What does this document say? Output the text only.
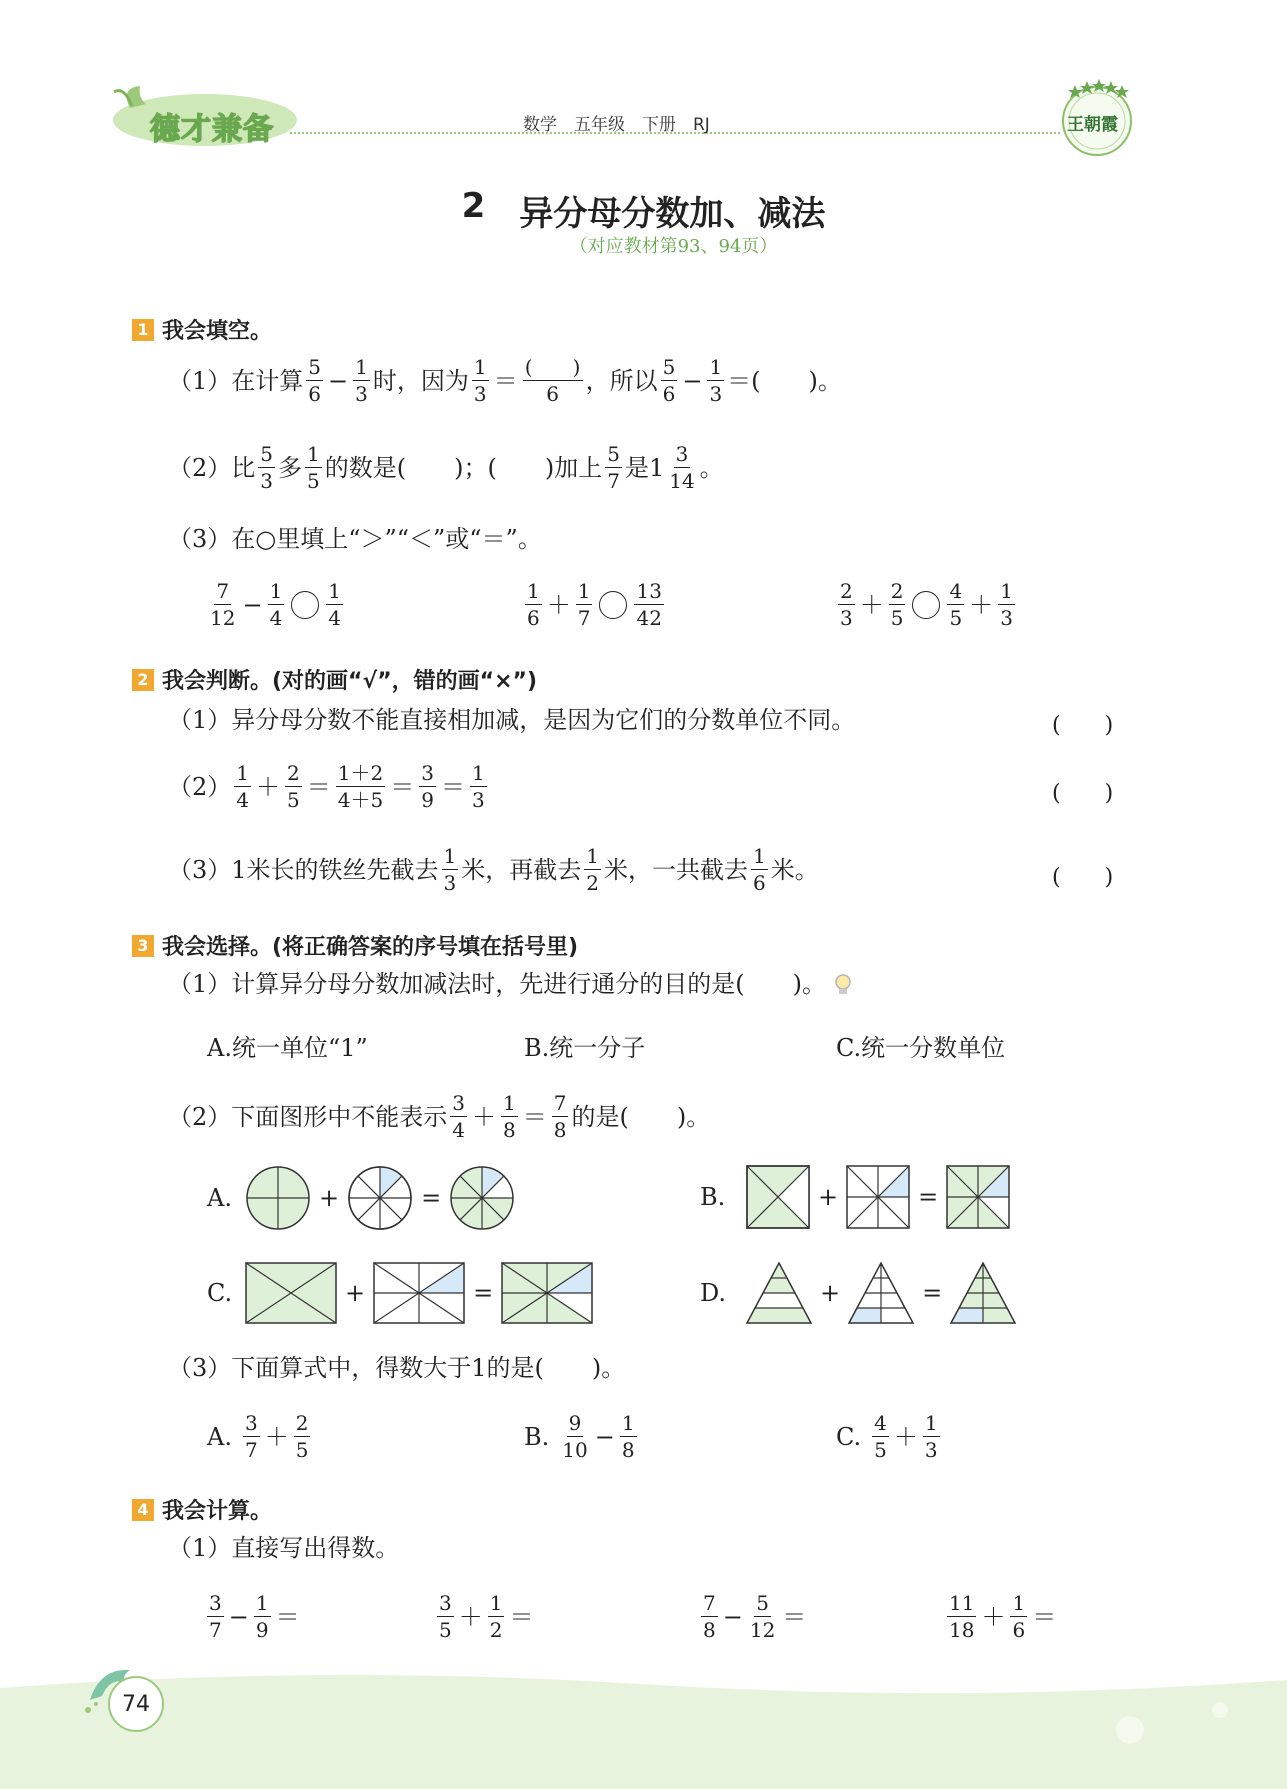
德才兼备	数学　五年级　下册　RJ	王朝霞
2 异分母分数加、减法
（对应教材第93、94页）
1 我会填空。
（1）在计算 $\frac{5}{6} - \frac{1}{3}$ 时，因为 $\frac{1}{3} = \frac{( )}{6}$ ，所以 $\frac{5}{6} - \frac{1}{3}$ ＝(　　)。
（2）比 $\frac{5}{3}$ 多 $\frac{1}{5}$ 的数是(　　)；(　　)加上 $\frac{5}{7}$ 是 $1 \frac{3}{14}$ 。
（3）在○里填上“＞”“＜”或“＝”。
$\frac{7}{12} - \frac{1}{4} \frac{1}{4}$	$\frac{1}{6} + \frac{1}{7} \frac{13}{42}$	$\frac{2}{3} + \frac{2}{5} \frac{4}{5} + \frac{1}{3}$
2 我会判断。(对的画“√”，错的画“×”)
（1）异分母分数不能直接相加减，是因为它们的分数单位不同。	(　　)
$(2) \frac{1}{4} + \frac{2}{5} = \frac{1+2}{4+5} = \frac{3}{9} = \frac{1}{3}$	(　　)
（3）1米长的铁丝先截去 $\frac{1}{3}$ 米，再截去 $\frac{1}{2}$ 米，一共截去 $\frac{1}{6}$ 米。	(　　)
3 我会选择。(将正确答案的序号填在括号里)
（1）计算异分母分数加减法时，先进行通分的目的是(　　)。
A.统一单位“1”	B.统一分子	C.统一分数单位
（2）下面图形中不能表示 $\frac{3}{4} + \frac{1}{8} = \frac{7}{8}$ 的是(　　)。
A.	+	=	B.	+	=
C.	+	=	D.	+	=
（3）下面算式中，得数大于1的是(　　)。
A. $\frac{3}{7} + \frac{2}{5}$	B. $\frac{9}{10} - \frac{1}{8}$	C. $\frac{4}{5} + \frac{1}{3}$
4 我会计算。
（1）直接写出得数。
$\frac{3}{7} - \frac{1}{9}$ ＝	$\frac{3}{5} + \frac{1}{2}$ ＝	$\frac{7}{8} - \frac{5}{12}$ ＝	$\frac{11}{18} + \frac{1}{6}$ ＝
74
